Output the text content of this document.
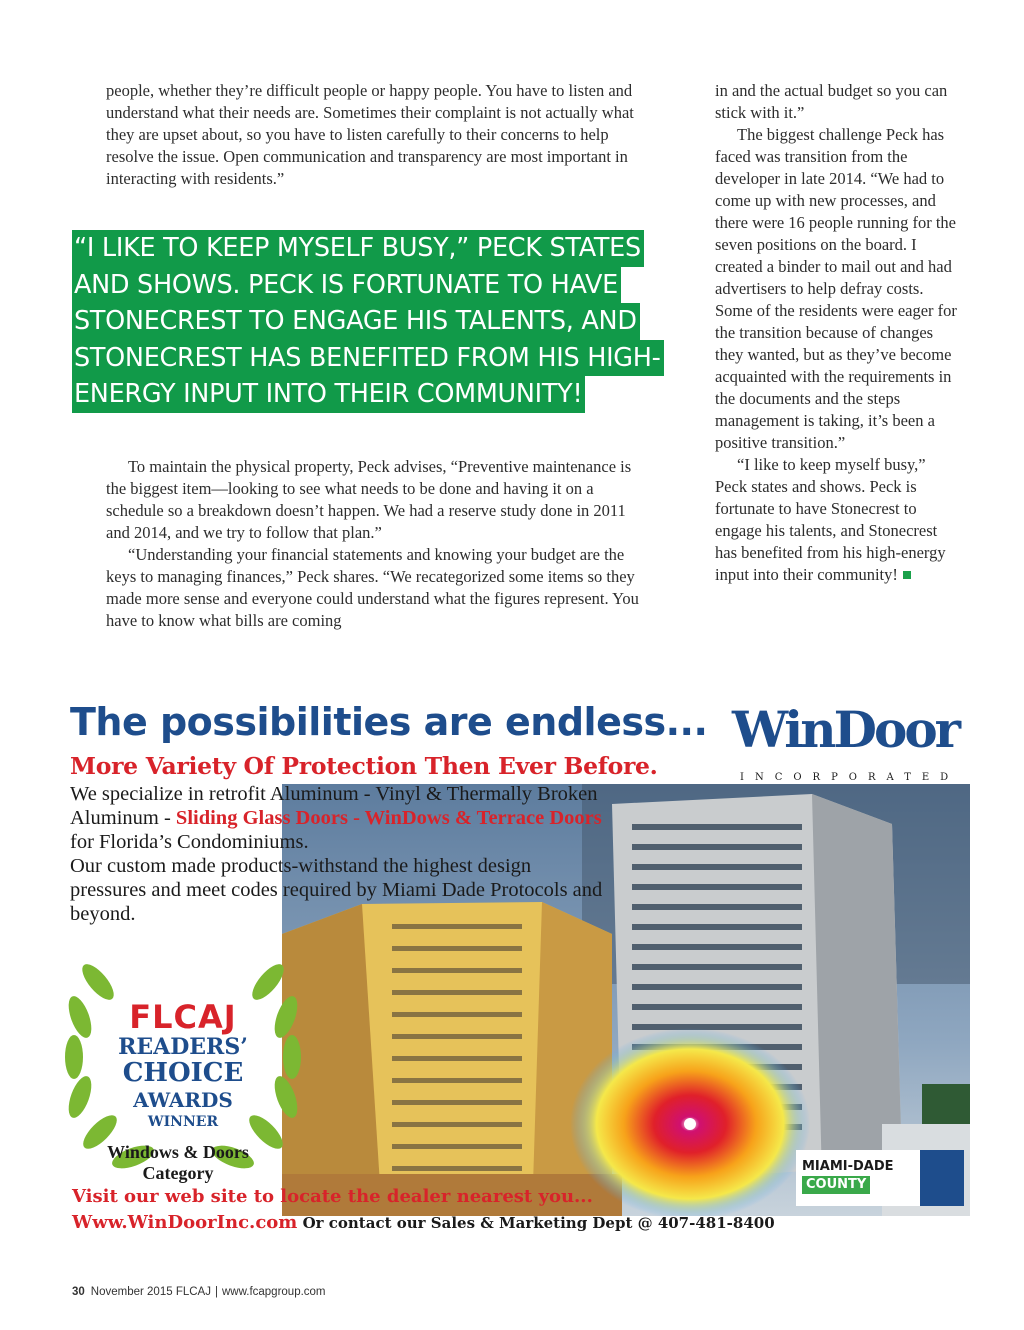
people, whether they’re difficult people or happy people. You have to listen and understand what their needs are. Sometimes their complaint is not actually what they are upset about, so you have to listen carefully to their concerns to help resolve the issue. Open communication and transparency are most important in interacting with residents.”

“I LIKE TO KEEP MYSELF BUSY,” PECK STATES
AND SHOWS. PECK IS FORTUNATE TO HAVE
STONECREST TO ENGAGE HIS TALENTS, AND
STONECREST HAS BENEFITED FROM HIS HIGH-
ENERGY INPUT INTO THEIR COMMUNITY!

To maintain the physical property, Peck advises, “Preventive maintenance is the biggest item—looking to see what needs to be done and having it on a schedule so a breakdown doesn’t happen. We had a reserve study done in 2011 and 2014, and we try to follow that plan.”

“Understanding your financial statements and knowing your budget are the keys to managing finances,” Peck shares. “We recategorized some items so they made more sense and everyone could understand what the figures represent. You have to know what bills are coming

in and the actual budget so you can stick with it.”

The biggest challenge Peck has faced was transition from the developer in late 2014. “We had to come up with new processes, and there were 16 people running for the seven positions on the board. I created a binder to mail out and had advertisers to help defray costs. Some of the residents were eager for the transition because of changes they wanted, but as they’ve become acquainted with the requirements in the documents and the steps management is taking, it’s been a positive transition.”

“I like to keep myself busy,” Peck states and shows. Peck is fortunate to have Stonecrest to engage his talents, and Stonecrest has benefited from his high-energy input into their community!

The possibilities are endless...
More Variety Of Protection Then Ever Before.
MIAMI-DADE
COUNTY
We specialize in retrofit Aluminum - Vinyl & Thermally Broken Aluminum - Sliding Glass Doors - WinDows & Terrace Doors for Florida’s Condominiums.
Our custom made products-withstand the highest design pressures and meet codes required by Miami Dade Protocols and beyond.
WinDoor
INCORPORATED
FLCAJ
READERS’
CHOICE
AWARDS
WINNER
Windows & Doors
Category
Visit our web site to locate the dealer nearest you...
Www.WinDoorInc.com Or contact our Sales & Marketing Dept @ 407-481-8400
30 November 2015 FLCAJ | www.fcapgroup.com
